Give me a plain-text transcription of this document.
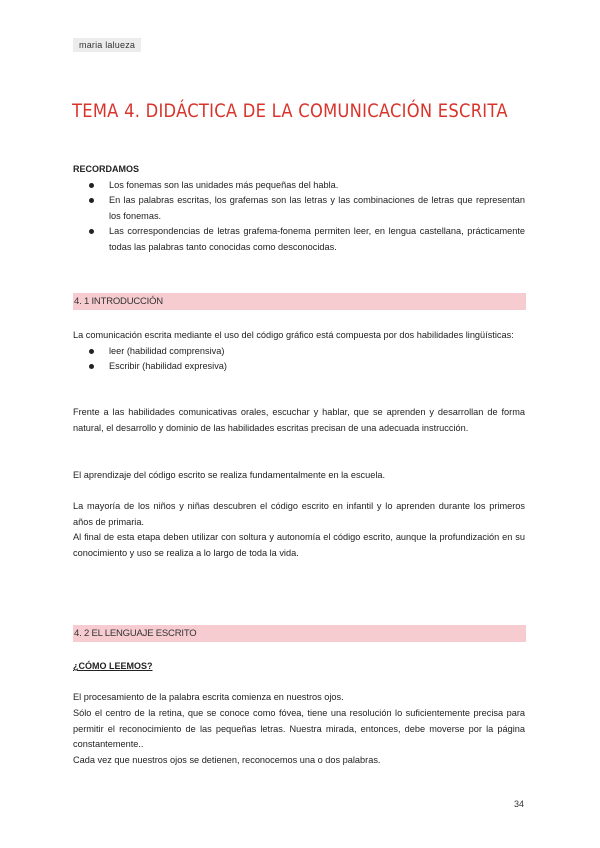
maria lalueza
TEMA 4. DIDÁCTICA DE LA COMUNICACIÓN ESCRITA
RECORDAMOS
Los fonemas son las unidades más pequeñas del habla.
En las palabras escritas, los grafemas son las letras y las combinaciones de letras que representan los fonemas.
Las correspondencias de letras grafema-fonema permiten leer, en lengua castellana, prácticamente todas las palabras tanto conocidas como desconocidas.
4. 1 INTRODUCCIÓN

La comunicación escrita mediante el uso del código gráfico está compuesta por dos habilidades lingüísticas:

leer (habilidad comprensiva)
Escribir (habilidad expresiva)

Frente a las habilidades comunicativas orales, escuchar y hablar, que se aprenden y desarrollan de forma natural, el desarrollo y dominio de las habilidades escritas precisan de una adecuada instrucción.

El aprendizaje del código escrito se realiza fundamentalmente en la escuela.

La mayoría de los niños y niñas descubren el código escrito en infantil y lo aprenden durante los primeros años de primaria.

Al final de esta etapa deben utilizar con soltura y autonomía el código escrito, aunque la profundización en su conocimiento y uso se realiza a lo largo de toda la vida.

4. 2 EL LENGUAJE ESCRITO
¿CÓMO LEEMOS?

El procesamiento de la palabra escrita comienza en nuestros ojos.

Sólo el centro de la retina, que se conoce como fóvea, tiene una resolución lo suficientemente precisa para permitir el reconocimiento de las pequeñas letras. Nuestra mirada, entonces, debe moverse por la página constantemente..

Cada vez que nuestros ojos se detienen, reconocemos una o dos palabras.

34
